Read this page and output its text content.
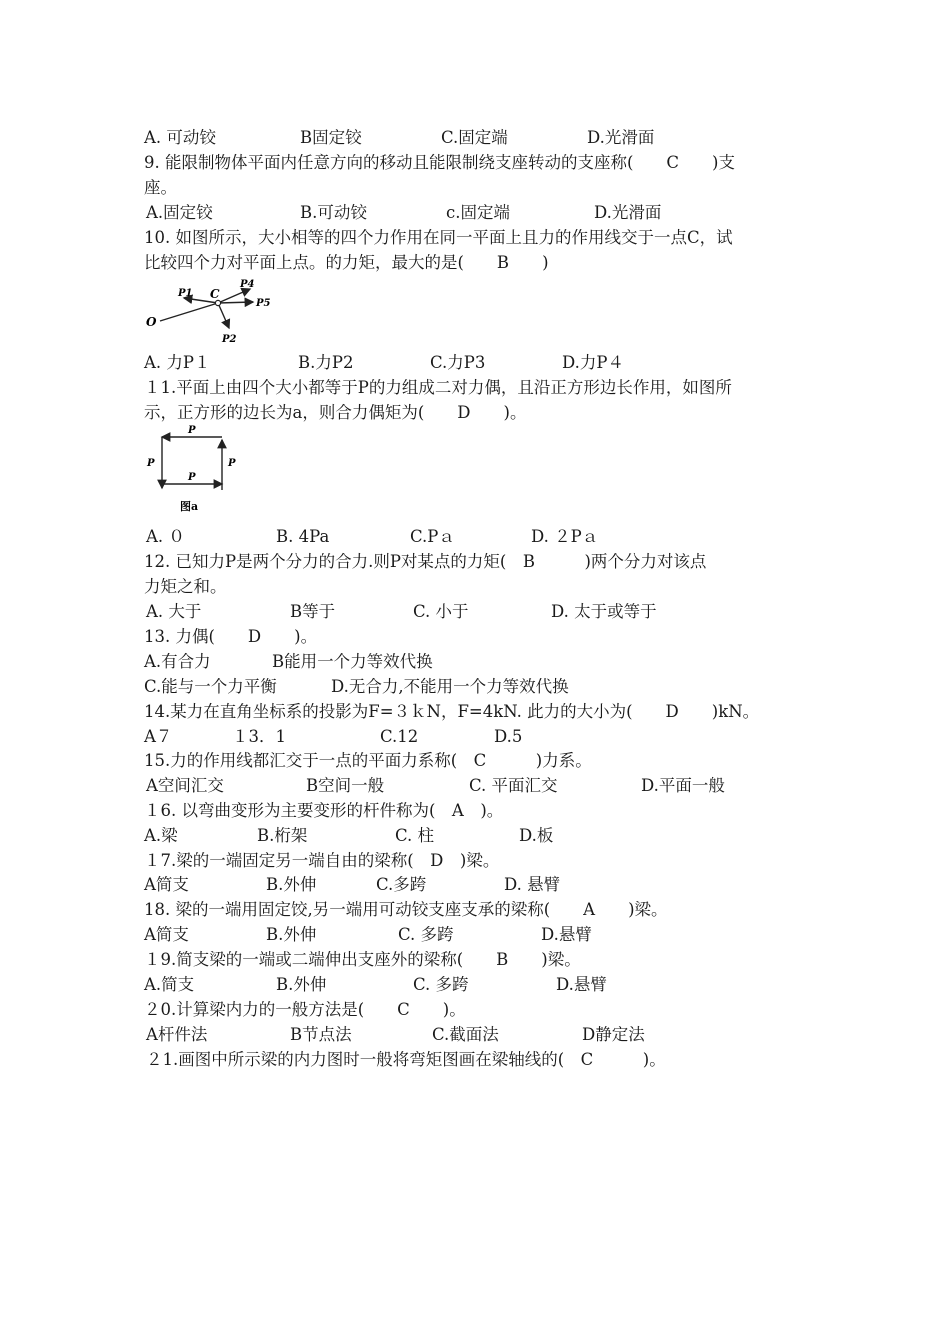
A. 可动铰	B固定铰	C.固定端	D.光滑面
9. 能限制物体平面内任意方向的移动且能限制绕支座转动的支座称(　　C　　)支
座。
A.固定铰	B.可动铰	c.固定端	D.光滑面
10. 如图所示，大小相等的四个力作用在同一平面上且力的作用线交于一点C，试
比较四个力对平面上点。的力矩，最大的是(　　B　　)
O
C
P1
P4
P5
P2
A. 力P１	B.力P2	C.力P3	D.力P４
１1.平面上由四个大小都等于P的力组成二对力偶，且沿正方形边长作用，如图所
示，正方形的边长为a，则合力偶矩为(　　D　　)。
P
P	P
P
图a
A. ０	B. 4Pa	C.Pａ	D. ２Pａ
12. 已知力P是两个分力的合力.则P对某点的力矩(　B　　　)两个分力对该点
力矩之和。
A. 大于	B等于	C. 小于	D. 太于或等于
13. 力偶(　　D　　)。
A.有合力	B能用一个力等效代换
C.能与一个力平衡	D.无合力,不能用一个力等效代换
14.某力在直角坐标系的投影为F=３ｋN，F=4kN. 此力的大小为(　　D　　)kN。
A７	１3．1	C.12	D.5
15.力的作用线都汇交于一点的平面力系称(　C　　　)力系。
A空间汇交	B空间一般	C. 平面汇交	D.平面一般
１6. 以弯曲变形为主要变形的杆件称为(　A　)。
A.梁	B.桁架	C. 柱	D.板
１7.梁的一端固定另一端自由的梁称(　D　)梁。
A简支	B.外伸	C.多跨	D. 悬臂
18. 梁的一端用固定饺,另一端用可动铰支座支承的梁称(　　A　　)梁。
A简支	B.外伸	C. 多跨	D.悬臂
１9.简支梁的一端或二端伸出支座外的梁称(　　B　　)梁。
A.简支	B.外伸	C. 多跨	D.悬臂
２0.计算梁内力的一般方法是(　　C　　)。
A杆件法	B节点法	C.截面法	D静定法
２1.画图中所示梁的内力图时一般将弯矩图画在梁轴线的(　C　　　)。
